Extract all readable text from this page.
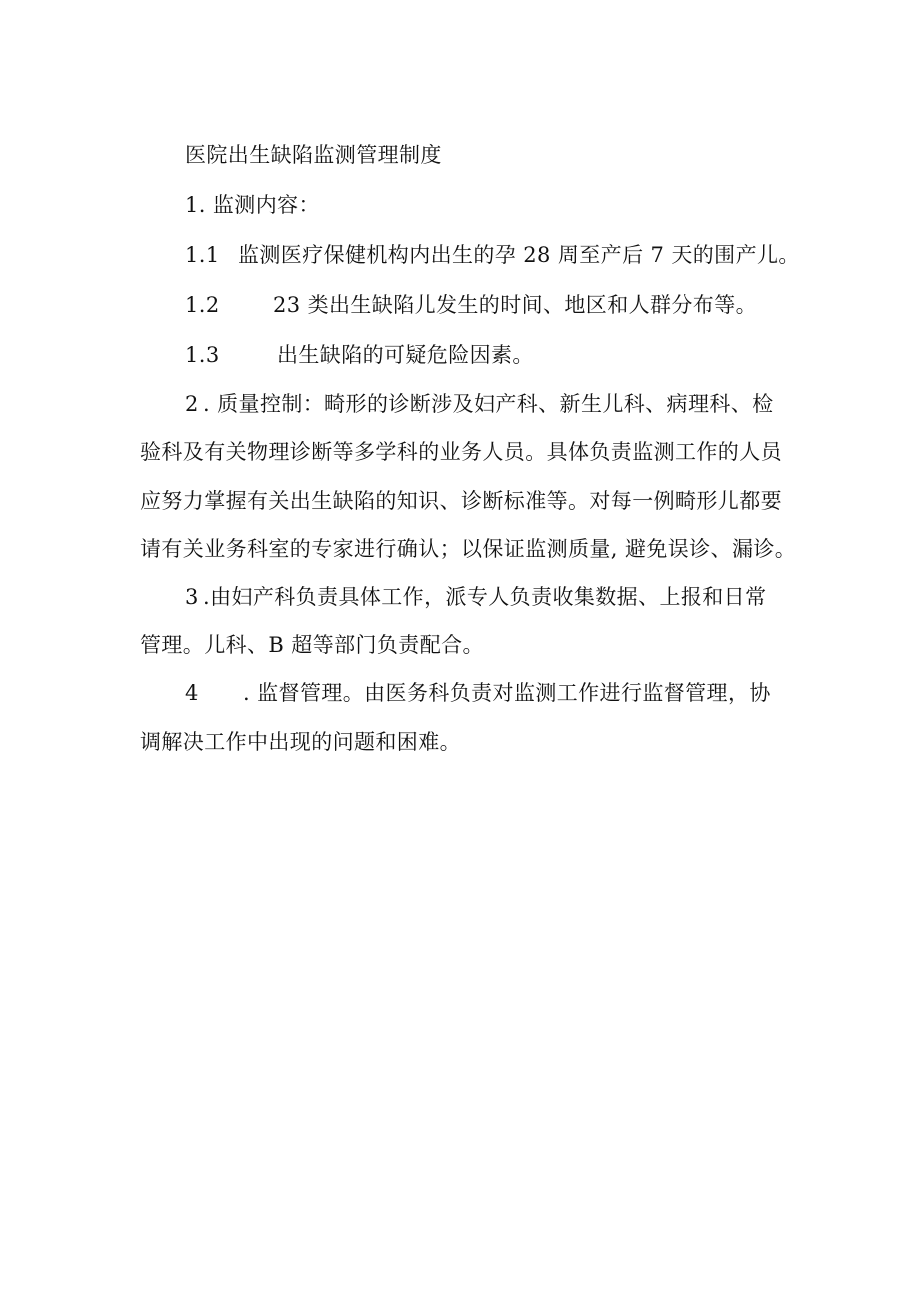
医院出生缺陷监测管理制度
1. 监测内容：
1.1 监测医疗保健机构内出生的孕 28 周至产后 7 天的围产儿。
1.2	23 类出生缺陷儿发生的时间、地区和人群分布等。
1.3	出生缺陷的可疑危险因素。
2 . 质量控制：畸形的诊断涉及妇产科、新生儿科、病理科、检
验科及有关物理诊断等多学科的业务人员。具体负责监测工作的人员
应努力掌握有关出生缺陷的知识、诊断标准等。对每一例畸形儿都要
请有关业务科室的专家进行确认；以保证监测质量, 避免误诊、漏诊。
3 .由妇产科负责具体工作，派专人负责收集数据、上报和日常
管理。儿科、B 超等部门负责配合。
4 . 监督管理。由医务科负责对监测工作进行监督管理，协
调解决工作中出现的问题和困难。
